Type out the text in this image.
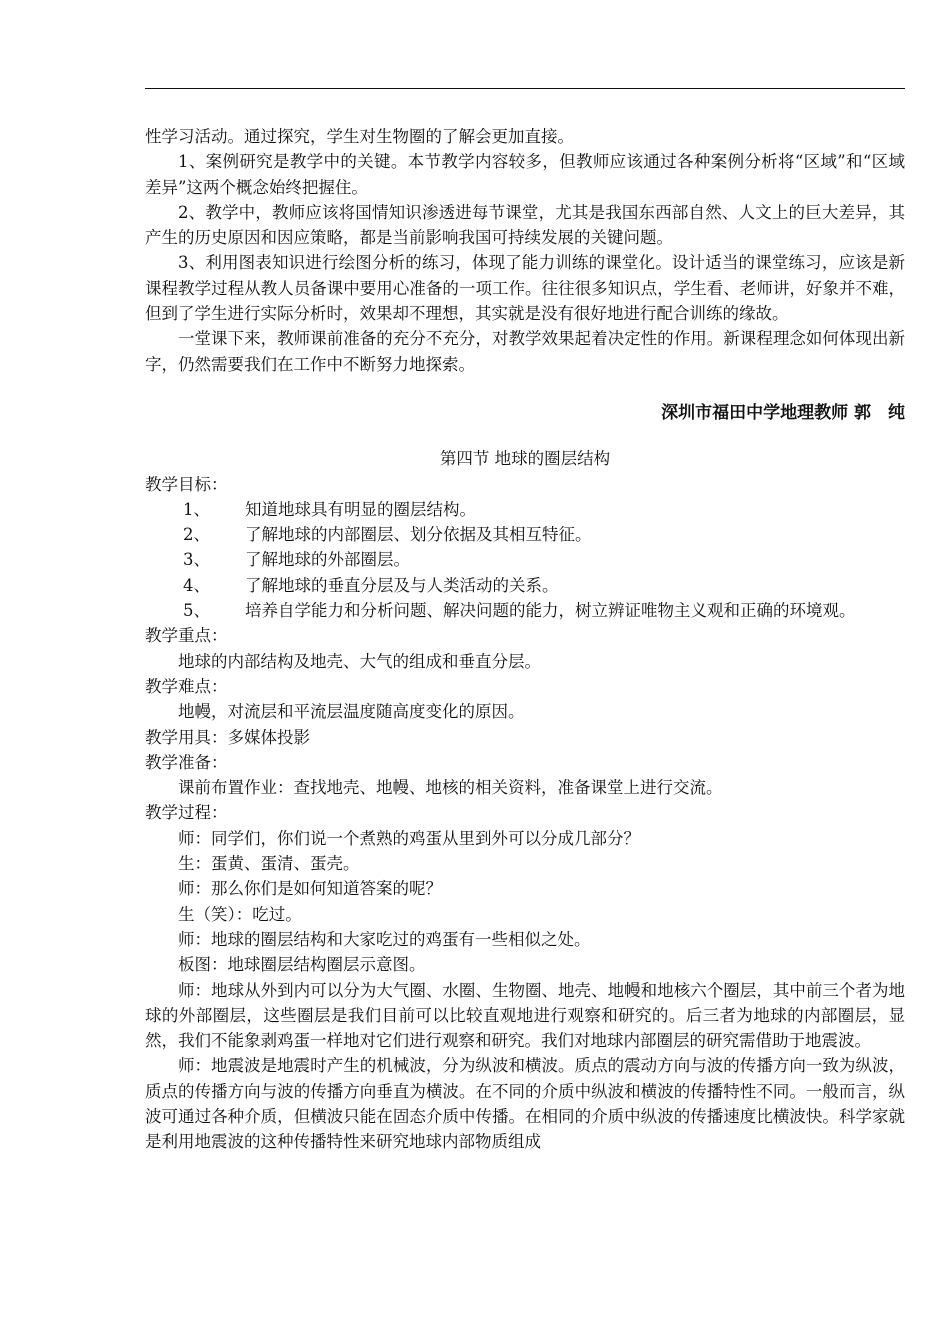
性学习活动。通过探究，学生对生物圈的了解会更加直接。

1、案例研究是教学中的关键。本节教学内容较多，但教师应该通过各种案例分析将“区域”和“区域差异”这两个概念始终把握住。

2、教学中，教师应该将国情知识渗透进每节课堂，尤其是我国东西部自然、人文上的巨大差异，其产生的历史原因和因应策略，都是当前影响我国可持续发展的关键问题。

3、利用图表知识进行绘图分析的练习，体现了能力训练的课堂化。设计适当的课堂练习，应该是新课程教学过程从教人员备课中要用心准备的一项工作。往往很多知识点，学生看、老师讲，好象并不难，但到了学生进行实际分析时，效果却不理想，其实就是没有很好地进行配合训练的缘故。

一堂课下来，教师课前准备的充分不充分，对教学效果起着决定性的作用。新课程理念如何体现出新字，仍然需要我们在工作中不断努力地探索。

深圳市福田中学地理教师 郭　纯

第四节 地球的圈层结构

教学目标：

1、 知道地球具有明显的圈层结构。
2、 了解地球的内部圈层、划分依据及其相互特征。
3、 了解地球的外部圈层。
4、 了解地球的垂直分层及与人类活动的关系。
5、	培养自学能力和分析问题、解决问题的能力，树立辨证唯物主义观和正确的环境观。

教学重点：

地球的内部结构及地壳、大气的组成和垂直分层。

教学难点：

地幔，对流层和平流层温度随高度变化的原因。

教学用具：多媒体投影

教学准备：

课前布置作业：查找地壳、地幔、地核的相关资料，准备课堂上进行交流。

教学过程：

师：同学们，你们说一个煮熟的鸡蛋从里到外可以分成几部分？

生：蛋黄、蛋清、蛋壳。

师：那么你们是如何知道答案的呢？

生（笑）：吃过。

师：地球的圈层结构和大家吃过的鸡蛋有一些相似之处。

板图：地球圈层结构圈层示意图。

师：地球从外到内可以分为大气圈、水圈、生物圈、地壳、地幔和地核六个圈层，其中前三个者为地球的外部圈层，这些圈层是我们目前可以比较直观地进行观察和研究的。后三者为地球的内部圈层，显然，我们不能象剥鸡蛋一样地对它们进行观察和研究。我们对地球内部圈层的研究需借助于地震波。

师：地震波是地震时产生的机械波，分为纵波和横波。质点的震动方向与波的传播方向一致为纵波，质点的传播方向与波的传播方向垂直为横波。在不同的介质中纵波和横波的传播特性不同。一般而言，纵波可通过各种介质，但横波只能在固态介质中传播。在相同的介质中纵波的传播速度比横波快。科学家就是利用地震波的这种传播特性来研究地球内部物质组成
